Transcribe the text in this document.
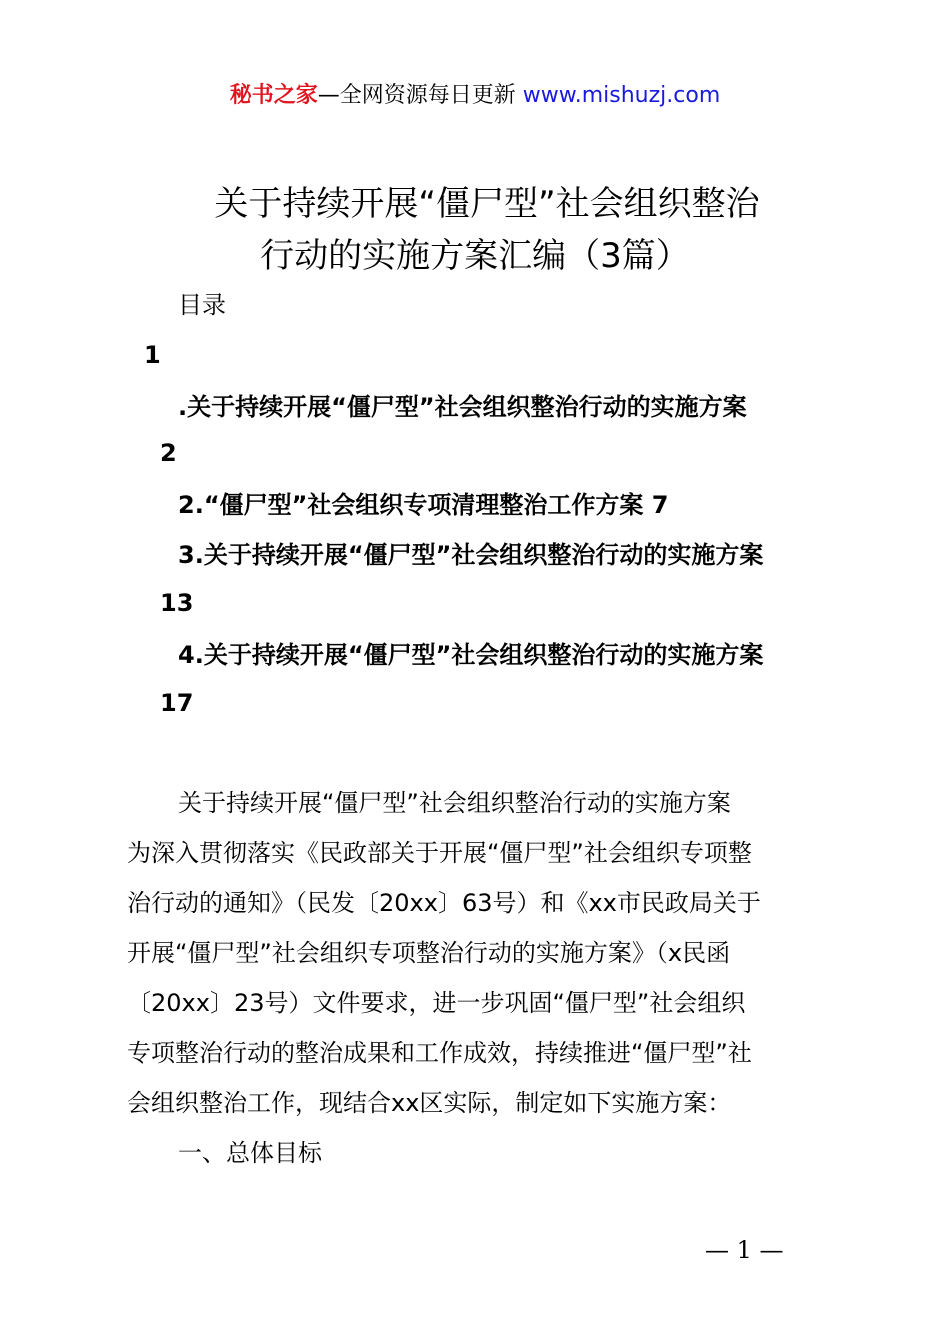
秘书之家—全网资源每日更新 www.mishuzj.com
关于持续开展“僵尸型”社会组织整治
行动的实施方案汇编（3篇）
目录
1
.关于持续开展“僵尸型”社会组织整治行动的实施方案
2
2.“僵尸型”社会组织专项清理整治工作方案 7
3.关于持续开展“僵尸型”社会组织整治行动的实施方案
13
4.关于持续开展“僵尸型”社会组织整治行动的实施方案
17
关于持续开展“僵尸型”社会组织整治行动的实施方案
为深入贯彻落实《民政部关于开展“僵尸型”社会组织专项整
治行动的通知》（民发〔20xx〕63号）和《xx市民政局关于
开展“僵尸型”社会组织专项整治行动的实施方案》（x民函
〔20xx〕23号）文件要求，进一步巩固“僵尸型”社会组织
专项整治行动的整治成果和工作成效，持续推进“僵尸型”社
会组织整治工作，现结合xx区实际，制定如下实施方案：
一、总体目标
— 1 —
